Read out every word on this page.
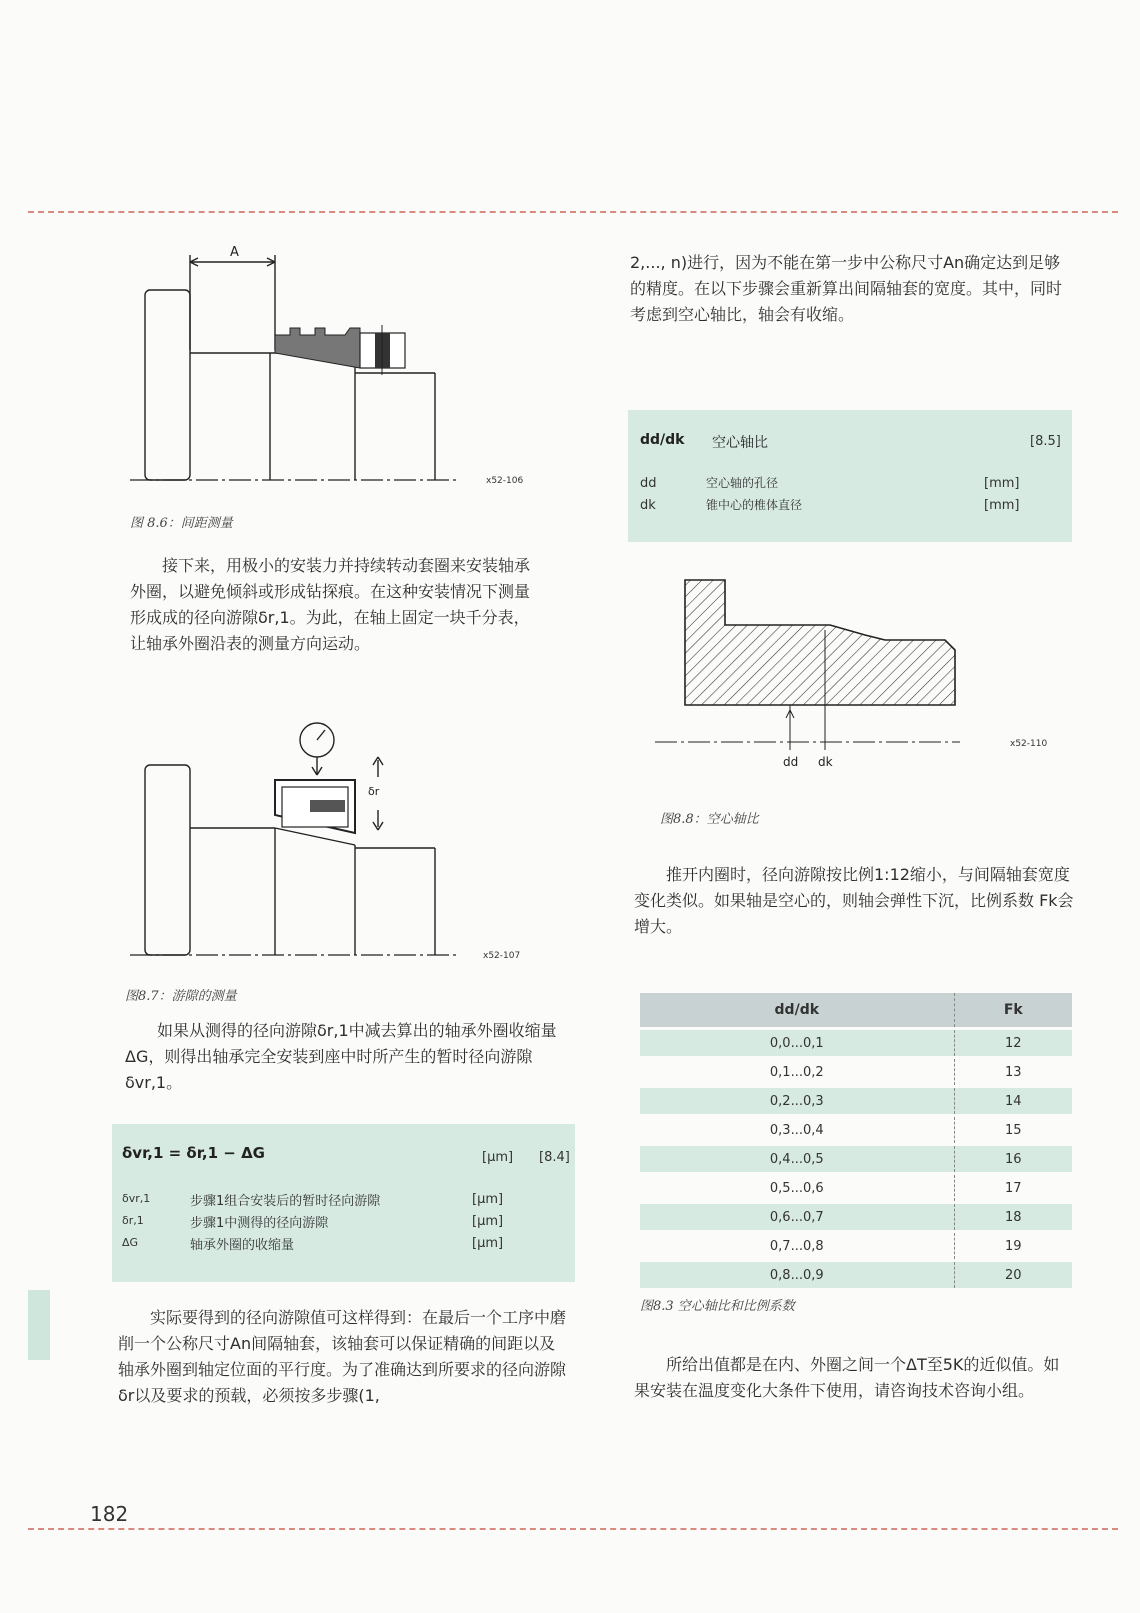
A
x52-106
图 8.6：间距测量
接下来，用极小的安装力并持续转动套圈来安装轴承外圈，以避免倾斜或形成钻探痕。在这种安装情况下测量形成成的径向游隙δr,1。为此，在轴上固定一块千分表，让轴承外圈沿表的测量方向运动。
δr
x52-107
图8.7：游隙的测量
如果从测得的径向游隙δr,1中减去算出的轴承外圈收缩量ΔG，则得出轴承完全安装到座中时所产生的暂时径向游隙δvr,1。
δvr,1 = δr,1 − ΔG	[µm] [8.4]
δvr,1	步骤1组合安装后的暂时径向游隙	[µm]
δr,1	步骤1中测得的径向游隙	[µm]
ΔG	轴承外圈的收缩量	[µm]
实际要得到的径向游隙值可这样得到：在最后一个工序中磨削一个公称尺寸An间隔轴套，该轴套可以保证精确的间距以及轴承外圈到轴定位面的平行度。为了准确达到所要求的径向游隙δr以及要求的预载，必须按多步骤(1,
2,..., n)进行，因为不能在第一步中公称尺寸An确定达到足够的精度。在以下步骤会重新算出间隔轴套的宽度。其中，同时考虑到空心轴比，轴会有收缩。
dd/dk 空心轴比	[8.5]
dd	空心轴的孔径	[mm]
dk	锥中心的椎体直径	[mm]
dd dk
x52-110
图8.8：空心轴比
推开内圈时，径向游隙按比例1:12缩小，与间隔轴套宽度变化类似。如果轴是空心的，则轴会弹性下沉，比例系数 Fk会增大。
dd/dk		Fk
0,0...0,1		12
0,1...0,2		13
0,2...0,3		14
0,3...0,4		15
0,4...0,5		16
0,5...0,6		17
0,6...0,7		18
0,7...0,8		19
0,8...0,9		20
图8.3 空心轴比和比例系数
所给出值都是在内、外圈之间一个ΔT至5K的近似值。如果安装在温度变化大条件下使用，请咨询技术咨询小组。
182
